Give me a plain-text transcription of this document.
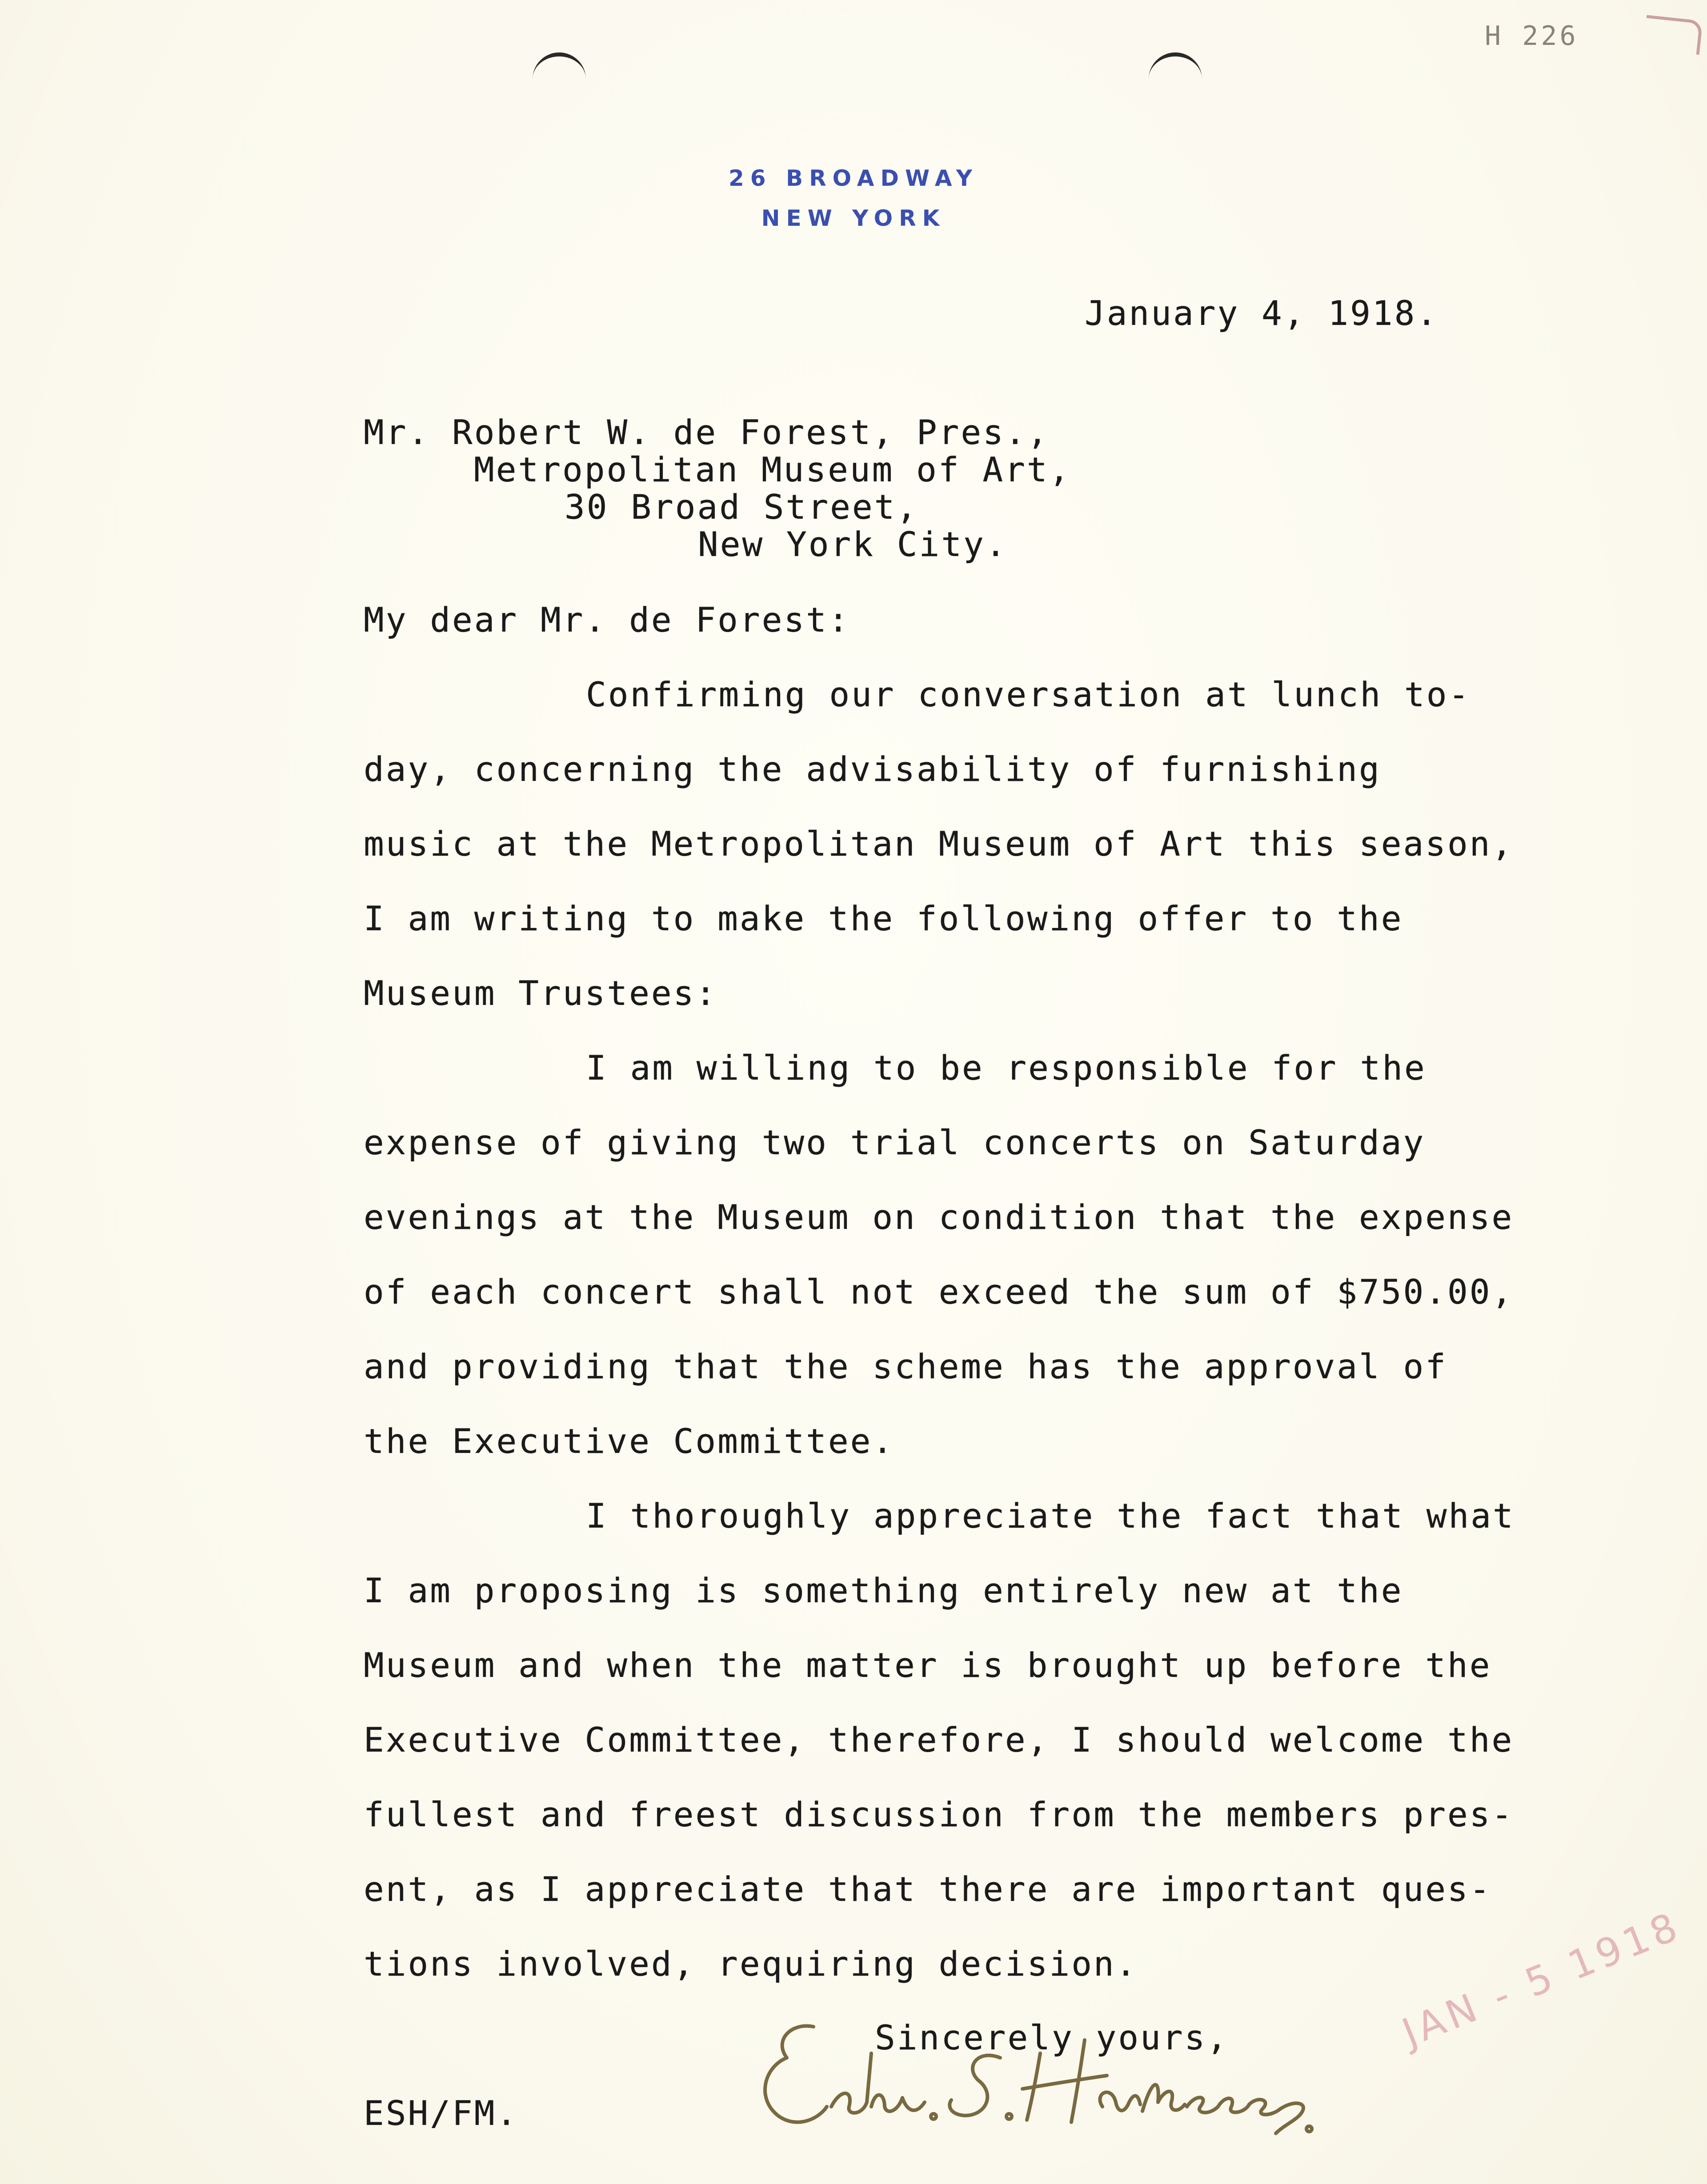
H 226
26 BROADWAY
NEW YORK
January 4, 1918.
Mr. Robert W. de Forest, Pres.,
Metropolitan Museum of Art,
30 Broad Street,
New York City.
My dear Mr. de Forest:
Confirming our conversation at lunch to-
day, concerning the advisability of furnishing
music at the Metropolitan Museum of Art this season,
I am writing to make the following offer to the
Museum Trustees:
I am willing to be responsible for the
expense of giving two trial concerts on Saturday
evenings at the Museum on condition that the expense
of each concert shall not exceed the sum of $750.00,
and providing that the scheme has the approval of
the Executive Committee.
I thoroughly appreciate the fact that what
I am proposing is something entirely new at the
Museum and when the matter is brought up before the
Executive Committee, therefore, I should welcome the
fullest and freest discussion from the members pres-
ent, as I appreciate that there are important ques-
tions involved, requiring decision.
Sincerely yours,
ESH/FM.
JAN - 5 1918
